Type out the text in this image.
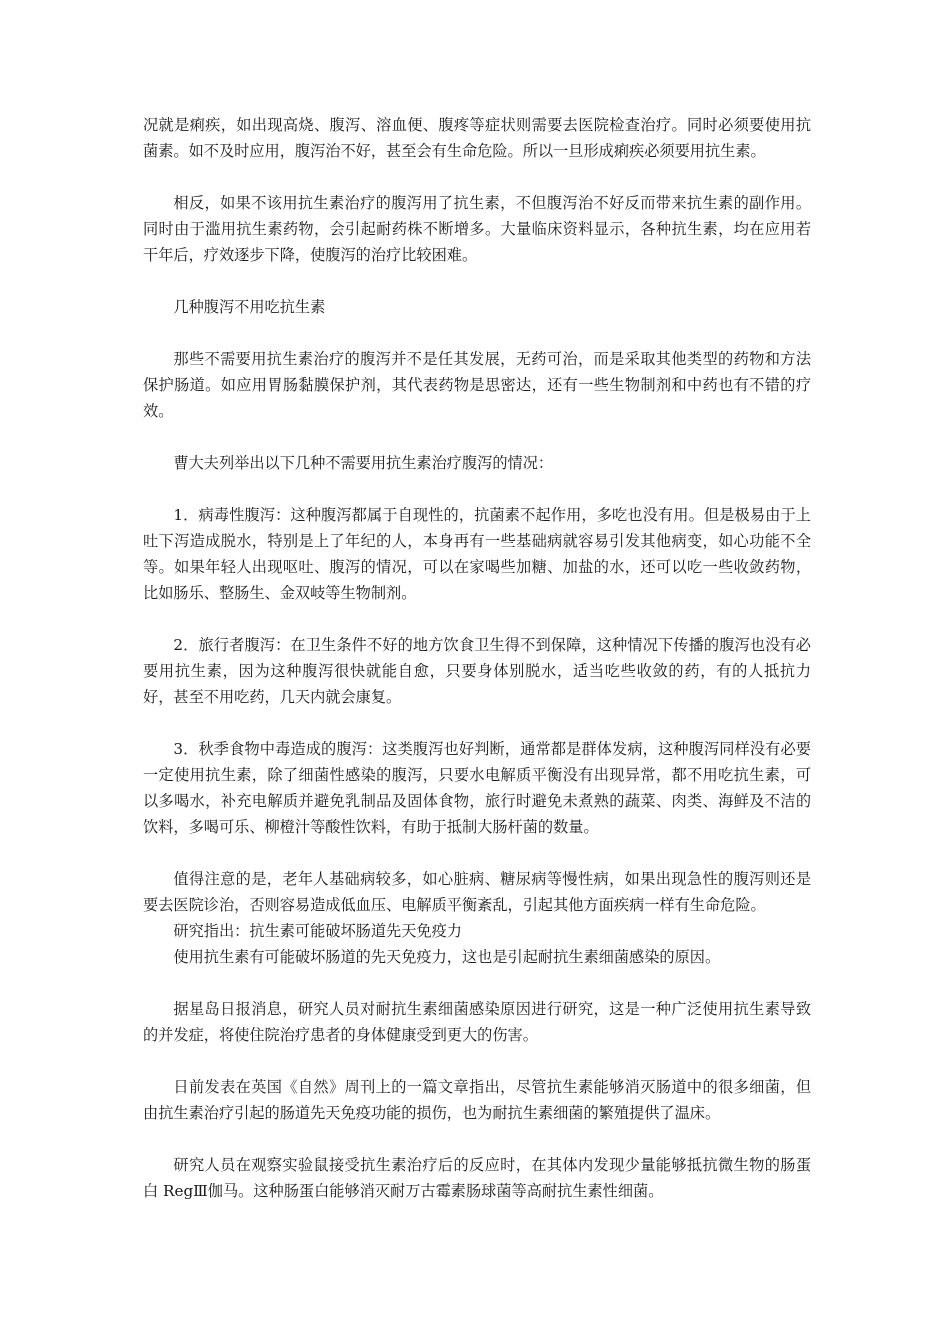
况就是痢疾，如出现高烧、腹泻、溶血便、腹疼等症状则需要去医院检查治疗。同时必须要使用抗菌素。如不及时应用，腹泻治不好，甚至会有生命危险。所以一旦形成痢疾必须要用抗生素。

相反，如果不该用抗生素治疗的腹泻用了抗生素，不但腹泻治不好反而带来抗生素的副作用。同时由于滥用抗生素药物，会引起耐药株不断增多。大量临床资料显示，各种抗生素，均在应用若干年后，疗效逐步下降，使腹泻的治疗比较困难。

几种腹泻不用吃抗生素

那些不需要用抗生素治疗的腹泻并不是任其发展，无药可治，而是采取其他类型的药物和方法保护肠道。如应用胃肠黏膜保护剂，其代表药物是思密达，还有一些生物制剂和中药也有不错的疗效。

曹大夫列举出以下几种不需要用抗生素治疗腹泻的情况：

1．病毒性腹泻：这种腹泻都属于自现性的，抗菌素不起作用，多吃也没有用。但是极易由于上吐下泻造成脱水，特别是上了年纪的人，本身再有一些基础病就容易引发其他病变，如心功能不全等。如果年轻人出现呕吐、腹泻的情况，可以在家喝些加糖、加盐的水，还可以吃一些收敛药物，比如肠乐、整肠生、金双岐等生物制剂。

2．旅行者腹泻：在卫生条件不好的地方饮食卫生得不到保障，这种情况下传播的腹泻也没有必要用抗生素，因为这种腹泻很快就能自愈，只要身体别脱水，适当吃些收敛的药，有的人抵抗力好，甚至不用吃药，几天内就会康复。

3．秋季食物中毒造成的腹泻：这类腹泻也好判断，通常都是群体发病，这种腹泻同样没有必要一定使用抗生素，除了细菌性感染的腹泻，只要水电解质平衡没有出现异常，都不用吃抗生素，可以多喝水，补充电解质并避免乳制品及固体食物，旅行时避免未煮熟的蔬菜、肉类、海鲜及不洁的饮料，多喝可乐、柳橙汁等酸性饮料，有助于抵制大肠杆菌的数量。

值得注意的是，老年人基础病较多，如心脏病、糖尿病等慢性病，如果出现急性的腹泻则还是要去医院诊治，否则容易造成低血压、电解质平衡紊乱，引起其他方面疾病一样有生命危险。

研究指出：抗生素可能破坏肠道先天免疫力

使用抗生素有可能破坏肠道的先天免疫力，这也是引起耐抗生素细菌感染的原因。

据星岛日报消息，研究人员对耐抗生素细菌感染原因进行研究，这是一种广泛使用抗生素导致的并发症，将使住院治疗患者的身体健康受到更大的伤害。

日前发表在英国《自然》周刊上的一篇文章指出，尽管抗生素能够消灭肠道中的很多细菌，但由抗生素治疗引起的肠道先天免疫功能的损伤，也为耐抗生素细菌的繁殖提供了温床。

研究人员在观察实验鼠接受抗生素治疗后的反应时，在其体内发现少量能够抵抗微生物的肠蛋白 RegⅢ伽马。这种肠蛋白能够消灭耐万古霉素肠球菌等高耐抗生素性细菌。
